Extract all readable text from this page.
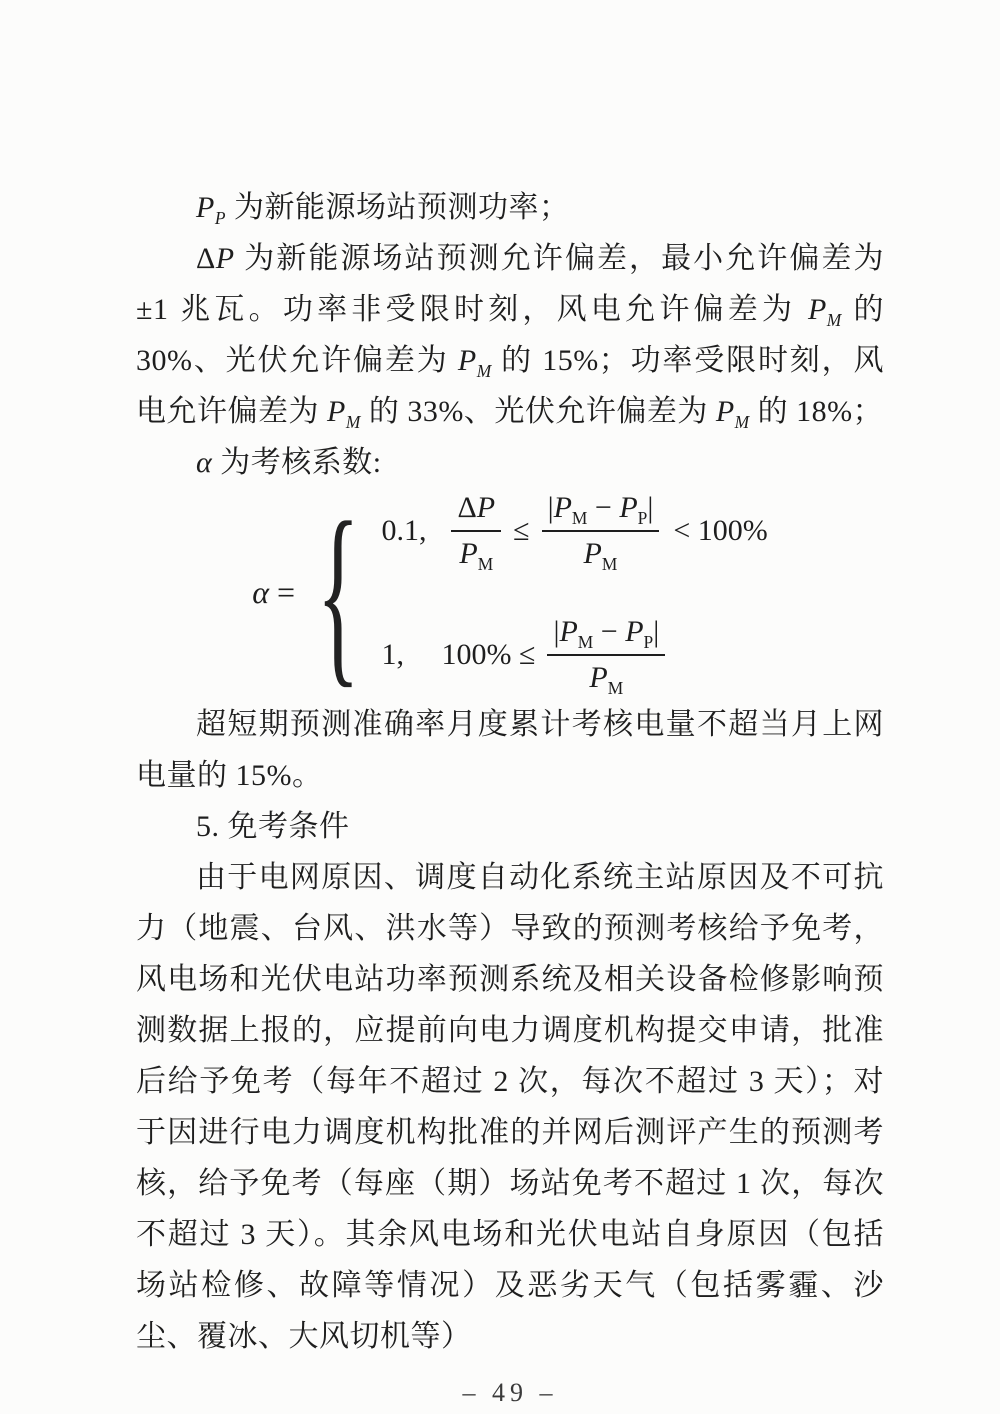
$P_P$ 为新能源场站预测功率；

ΔP 为新能源场站预测允许偏差，最小允许偏差为±1 兆瓦。功率非受限时刻，风电允许偏差为 $P_M$ 的 30%、光伏允许偏差为 $P_M$ 的 15%；功率受限时刻，风电允许偏差为 $P_M$ 的 33%、光伏允许偏差为 $P_M$ 的 18%；

α 为考核系数:

α = { 0.1, $\frac{\Delta P}{P_M} \le \frac{|P_M - P_P|}{P_M} < 100\%$
1,	$100\% \le \frac{|P_M - P_P|}{P_M}$

超短期预测准确率月度累计考核电量不超当月上网电量的 15%。

5. 免考条件

由于电网原因、调度自动化系统主站原因及不可抗力（地震、台风、洪水等）导致的预测考核给予免考，风电场和光伏电站功率预测系统及相关设备检修影响预测数据上报的，应提前向电力调度机构提交申请，批准后给予免考（每年不超过 2 次，每次不超过 3 天）；对于因进行电力调度机构批准的并网后测评产生的预测考核，给予免考（每座（期）场站免考不超过 1 次，每次不超过 3 天）。其余风电场和光伏电站自身原因（包括场站检修、故障等情况）及恶劣天气（包括雾霾、沙尘、覆冰、大风切机等）

– 49 –
